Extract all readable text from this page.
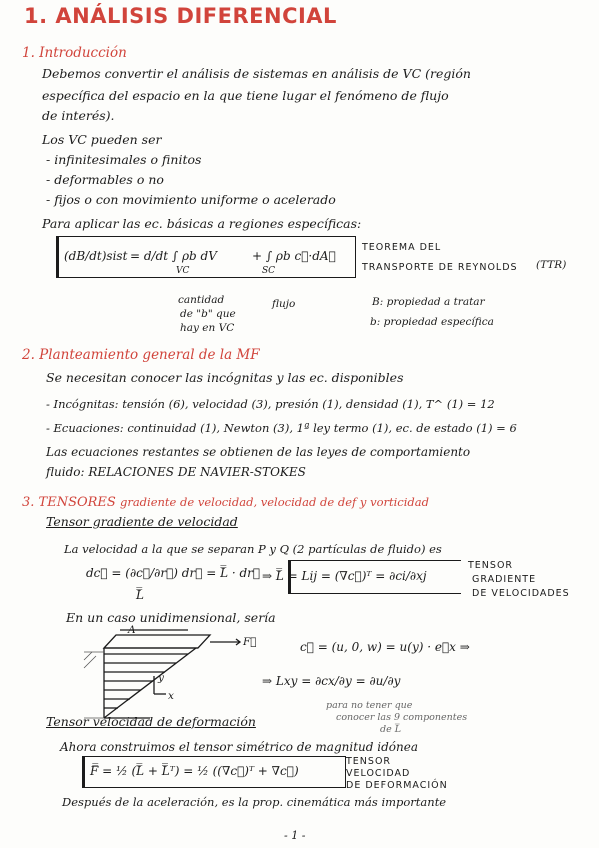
1. ANÁLISIS DIFERENCIAL
1. Introducción
Debemos convertir el análisis de sistemas en análisis de VC (región
específica del espacio en la que tiene lugar el fenómeno de flujo
de interés).
Los VC pueden ser
- infinitesimales o finitos
- deformables o no
- fijos o con movimiento uniforme o acelerado
Para aplicar las ec. básicas a regiones específicas:
(dB/dt)sist = d/dt ∫ ρb dV
VC
+ ∫ ρb c⃗·dA⃗
SC
TEOREMA DEL
TRANSPORTE DE REYNOLDS (TTR)
cantidad
de "b" que
hay en VC
flujo	B: propiedad a tratar
b: propiedad específica
2. Planteamiento general de la MF
Se necesitan conocer las incógnitas y las ec. disponibles
- Incógnitas: tensión (6), velocidad (3), presión (1), densidad (1), T^ (1) = 12
- Ecuaciones: continuidad (1), Newton (3), 1ª ley termo (1), ec. de estado (1) = 6
Las ecuaciones restantes se obtienen de las leyes de comportamiento
fluido: RELACIONES DE NAVIER-STOKES
3. TENSORES gradiente de velocidad, velocidad de def y vorticidad
Tensor gradiente de velocidad
La velocidad a la que se separan P y Q (2 partículas de fluido) es
dc⃗ = (∂c⃗/∂r⃗) dr⃗ = L̿ · dr⃗
L̿
⇒ L̿ = Lij = (∇c⃗)ᵀ = ∂ci/∂xj
TENSOR
GRADIENTE
DE VELOCIDADES
En un caso unidimensional, sería
A
F⃗
y
x
c⃗ = (u, 0, w) = u(y) · e⃗x ⇒
⇒ Lxy = ∂cx/∂y = ∂u/∂y
Tensor velocidad de deformación
para no tener que
conocer las 9 componentes
de L̿
Ahora construimos el tensor simétrico de magnitud idónea
F̿ = ½ (L̿ + L̿ᵀ) = ½ ((∇c⃗)ᵀ + ∇c⃗)
TENSOR
VELOCIDAD
DE DEFORMACIÓN
Después de la aceleración, es la prop. cinemática más importante
- 1 -
